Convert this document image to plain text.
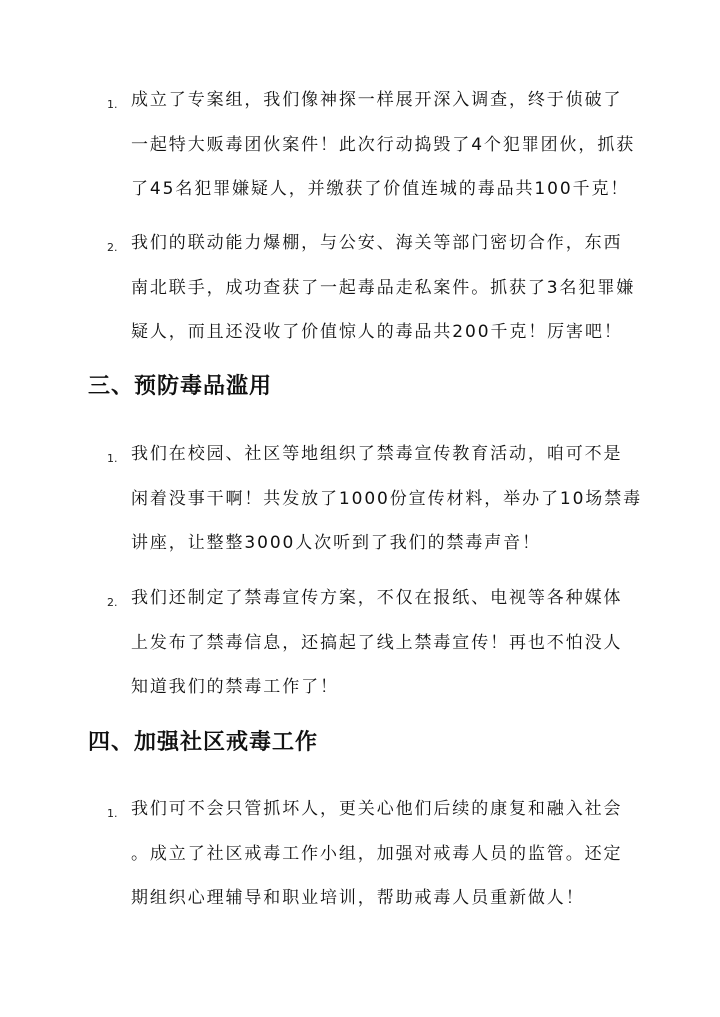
1. 成立了专案组，我们像神探一样展开深入调查，终于侦破了
一起特大贩毒团伙案件！此次行动捣毁了4个犯罪团伙，抓获
了45名犯罪嫌疑人，并缴获了价值连城的毒品共100千克！
2. 我们的联动能力爆棚，与公安、海关等部门密切合作，东西
南北联手，成功查获了一起毒品走私案件。抓获了3名犯罪嫌
疑人，而且还没收了价值惊人的毒品共200千克！厉害吧！
三、预防毒品滥用
1. 我们在校园、社区等地组织了禁毒宣传教育活动，咱可不是
闲着没事干啊！共发放了1000份宣传材料，举办了10场禁毒
讲座，让整整3000人次听到了我们的禁毒声音！
2. 我们还制定了禁毒宣传方案，不仅在报纸、电视等各种媒体
上发布了禁毒信息，还搞起了线上禁毒宣传！再也不怕没人
知道我们的禁毒工作了！
四、加强社区戒毒工作
1. 我们可不会只管抓坏人，更关心他们后续的康复和融入社会
。成立了社区戒毒工作小组，加强对戒毒人员的监管。还定
期组织心理辅导和职业培训，帮助戒毒人员重新做人！
